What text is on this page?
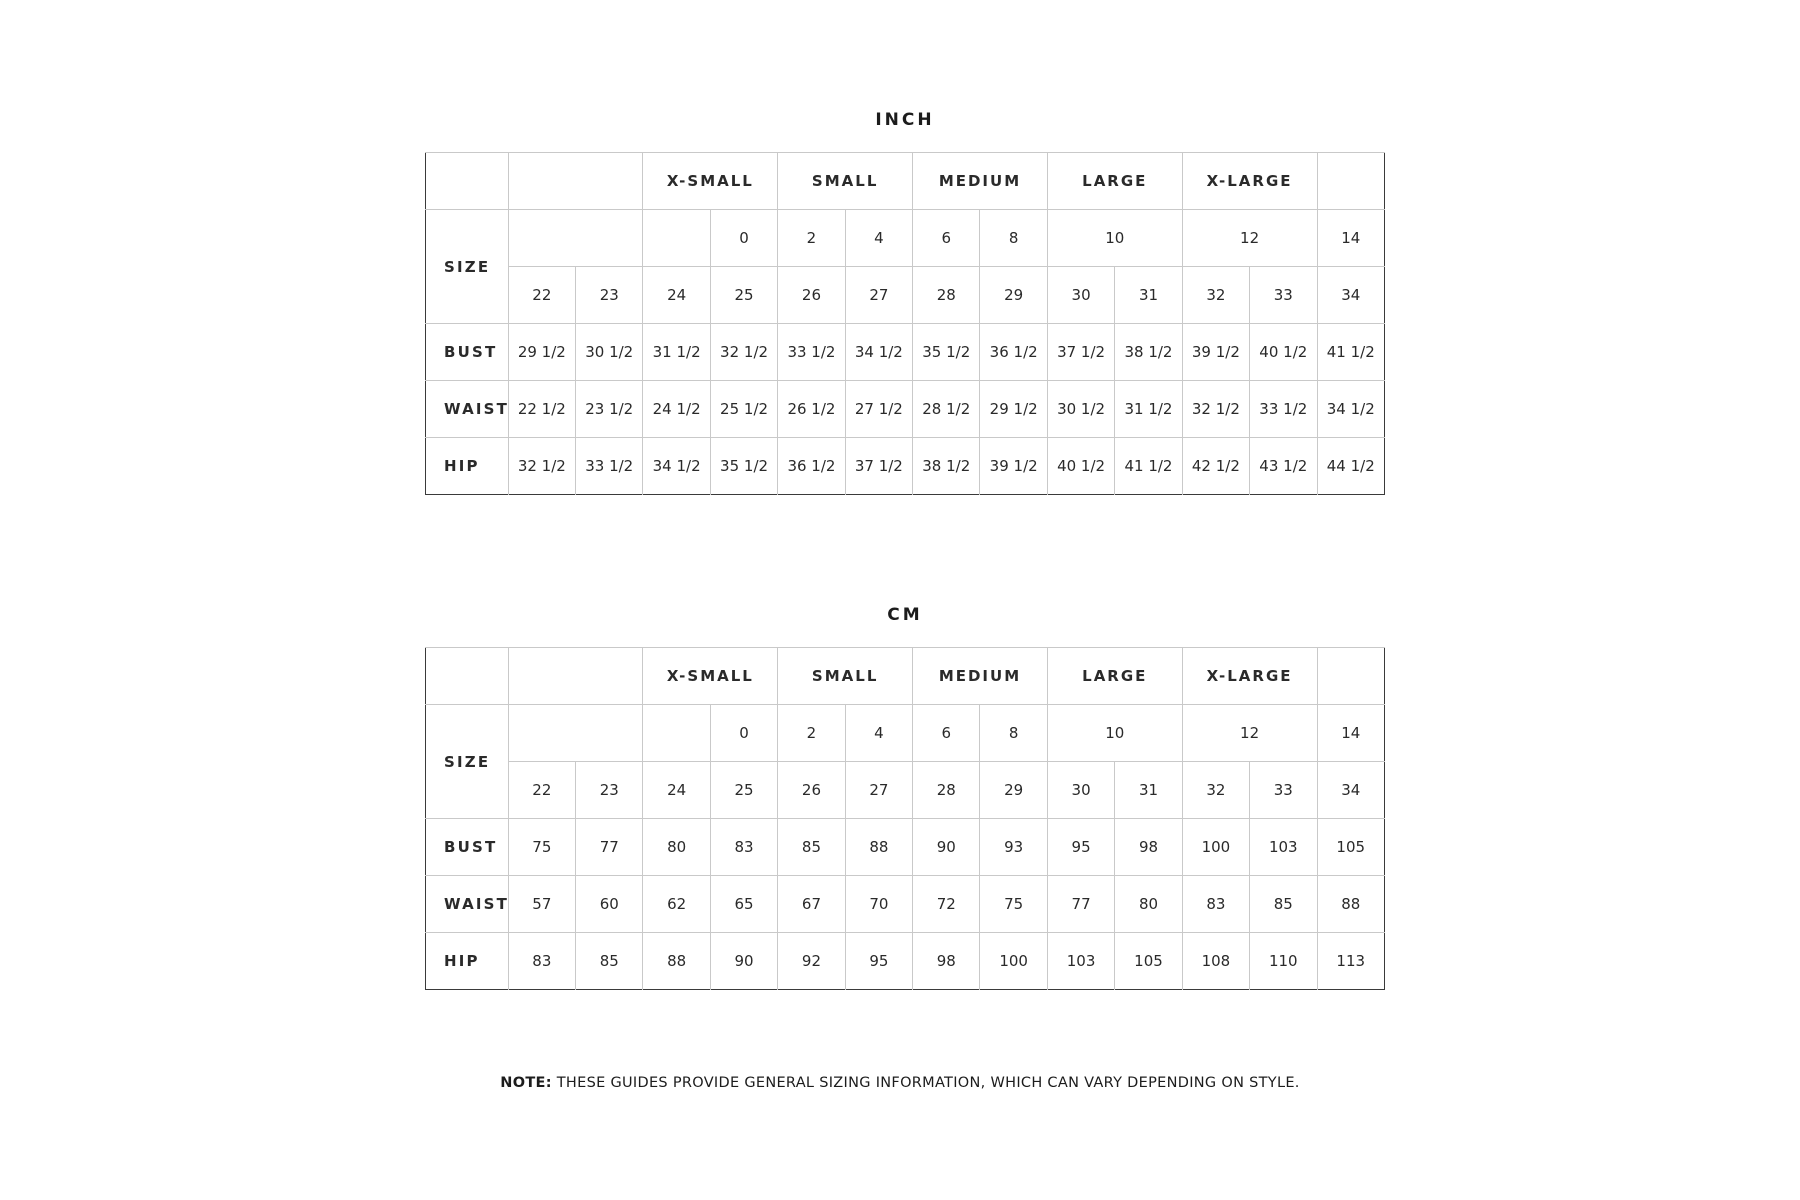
INCH
			X-SMALL		SMALL		MEDIUM		LARGE		X-LARGE		
SIZE				0	2	4	6	8	10		12		14
	22	23	24	25	26	27	28	29	30	31	32	33	34
BUST	29 1/2	30 1/2	31 1/2	32 1/2	33 1/2	34 1/2	35 1/2	36 1/2	37 1/2	38 1/2	39 1/2	40 1/2	41 1/2
WAIST	22 1/2	23 1/2	24 1/2	25 1/2	26 1/2	27 1/2	28 1/2	29 1/2	30 1/2	31 1/2	32 1/2	33 1/2	34 1/2
HIP	32 1/2	33 1/2	34 1/2	35 1/2	36 1/2	37 1/2	38 1/2	39 1/2	40 1/2	41 1/2	42 1/2	43 1/2	44 1/2
CM
			X-SMALL		SMALL		MEDIUM		LARGE		X-LARGE		
SIZE				0	2	4	6	8	10		12		14
	22	23	24	25	26	27	28	29	30	31	32	33	34
BUST	75	77	80	83	85	88	90	93	95	98	100	103	105
WAIST	57	60	62	65	67	70	72	75	77	80	83	85	88
HIP	83	85	88	90	92	95	98	100	103	105	108	110	113
NOTE: THESE GUIDES PROVIDE GENERAL SIZING INFORMATION, WHICH CAN VARY DEPENDING ON STYLE.
